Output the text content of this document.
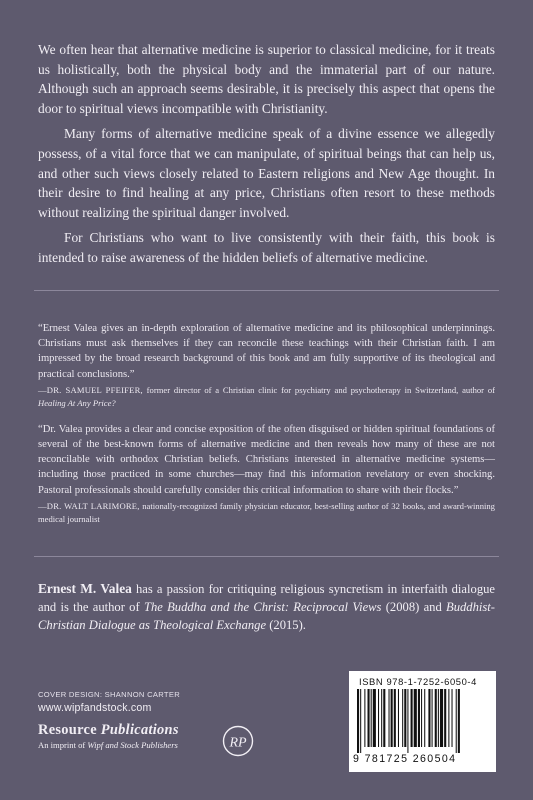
We often hear that alternative medicine is superior to classical medicine, for it treats us holistically, both the physical body and the immaterial part of our nature. Although such an approach seems desirable, it is precisely this aspect that opens the door to spiritual views incompatible with Christianity.

Many forms of alternative medicine speak of a divine essence we allegedly possess, of a vital force that we can manipulate, of spiritual beings that can help us, and other such views closely related to Eastern religions and New Age thought. In their desire to find healing at any price, Christians often resort to these methods without realizing the spiritual danger involved.

For Christians who want to live consistently with their faith, this book is intended to raise awareness of the hidden beliefs of alternative medicine.

“Ernest Valea gives an in-depth exploration of alternative medicine and its philosophical underpinnings. Christians must ask themselves if they can reconcile these teachings with their Christian faith. I am impressed by the broad research background of this book and am fully supportive of its theological and practical conclusions.”

—DR. SAMUEL PFEIFER, former director of a Christian clinic for psychiatry and psychotherapy in Switzerland, author of Healing At Any Price?

“Dr. Valea provides a clear and concise exposition of the often disguised or hidden spiritual foundations of several of the best-known forms of alternative medicine and then reveals how many of these are not reconcilable with orthodox Christian beliefs. Christians interested in alternative medicine systems—including those practiced in some churches—may find this information revelatory or even shocking. Pastoral professionals should carefully consider this critical information to share with their flocks.”

—DR. WALT LARIMORE, nationally-recognized family physician educator, best-selling author of 32 books, and award-winning medical journalist

Ernest M. Valea has a passion for critiquing religious syncretism in interfaith dialogue and is the author of The Buddha and the Christ: Reciprocal Views (2008) and Buddhist-Christian Dialogue as Theological Exchange (2015).
COVER DESIGN: SHANNON CARTER
www.wipfandstock.com
Resource Publications
An imprint of Wipf and Stock Publishers	RP
ISBN 978-1-7252-6050-4
9 781725 260504
